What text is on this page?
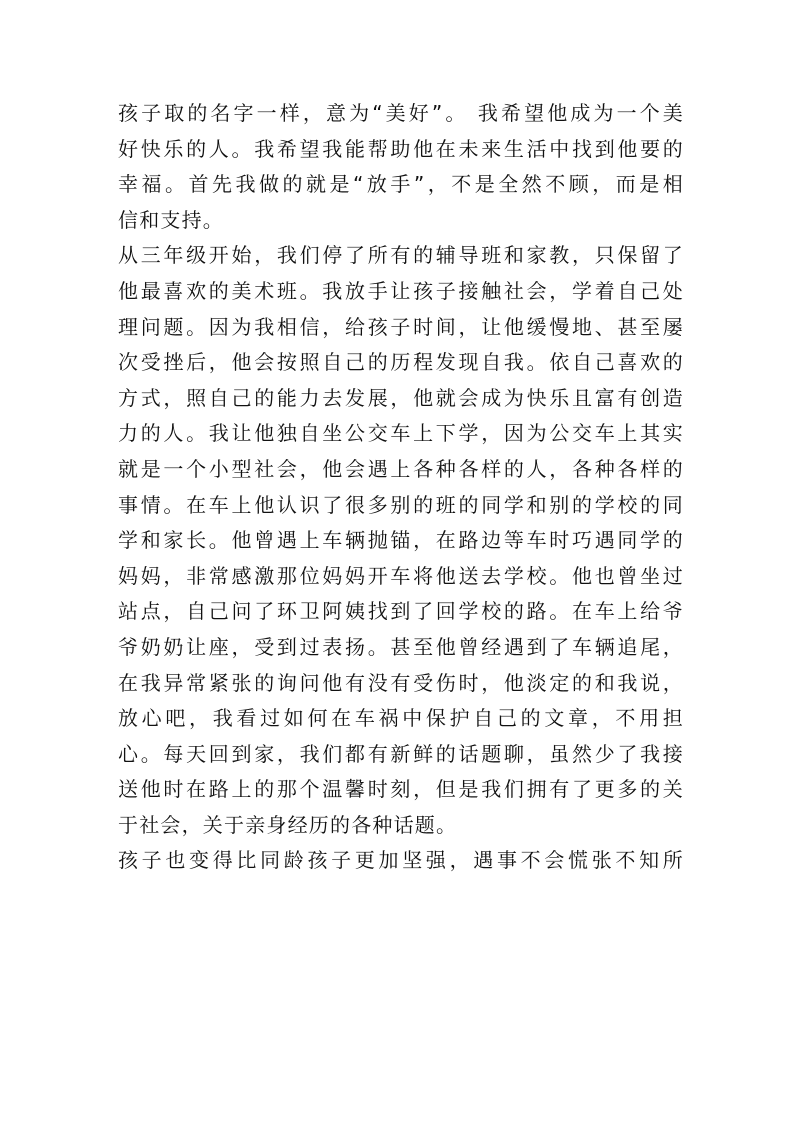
孩子取的名字一样，意为“美好”。 我希望他成为一个美
好快乐的人。我希望我能帮助他在未来生活中找到他要的
幸福。首先我做的就是“放手”，不是全然不顾，而是相
信和支持。
从三年级开始，我们停了所有的辅导班和家教，只保留了
他最喜欢的美术班。我放手让孩子接触社会，学着自己处
理问题。因为我相信，给孩子时间，让他缓慢地、甚至屡
次受挫后，他会按照自己的历程发现自我。依自己喜欢的
方式，照自己的能力去发展，他就会成为快乐且富有创造
力的人。我让他独自坐公交车上下学，因为公交车上其实
就是一个小型社会，他会遇上各种各样的人，各种各样的
事情。在车上他认识了很多别的班的同学和别的学校的同
学和家长。他曾遇上车辆抛锚，在路边等车时巧遇同学的
妈妈，非常感激那位妈妈开车将他送去学校。他也曾坐过
站点，自己问了环卫阿姨找到了回学校的路。在车上给爷
爷奶奶让座，受到过表扬。甚至他曾经遇到了车辆追尾，
在我异常紧张的询问他有没有受伤时，他淡定的和我说，
放心吧，我看过如何在车祸中保护自己的文章，不用担
心。每天回到家，我们都有新鲜的话题聊，虽然少了我接
送他时在路上的那个温馨时刻，但是我们拥有了更多的关
于社会，关于亲身经历的各种话题。
孩子也变得比同龄孩子更加坚强，遇事不会慌张不知所
